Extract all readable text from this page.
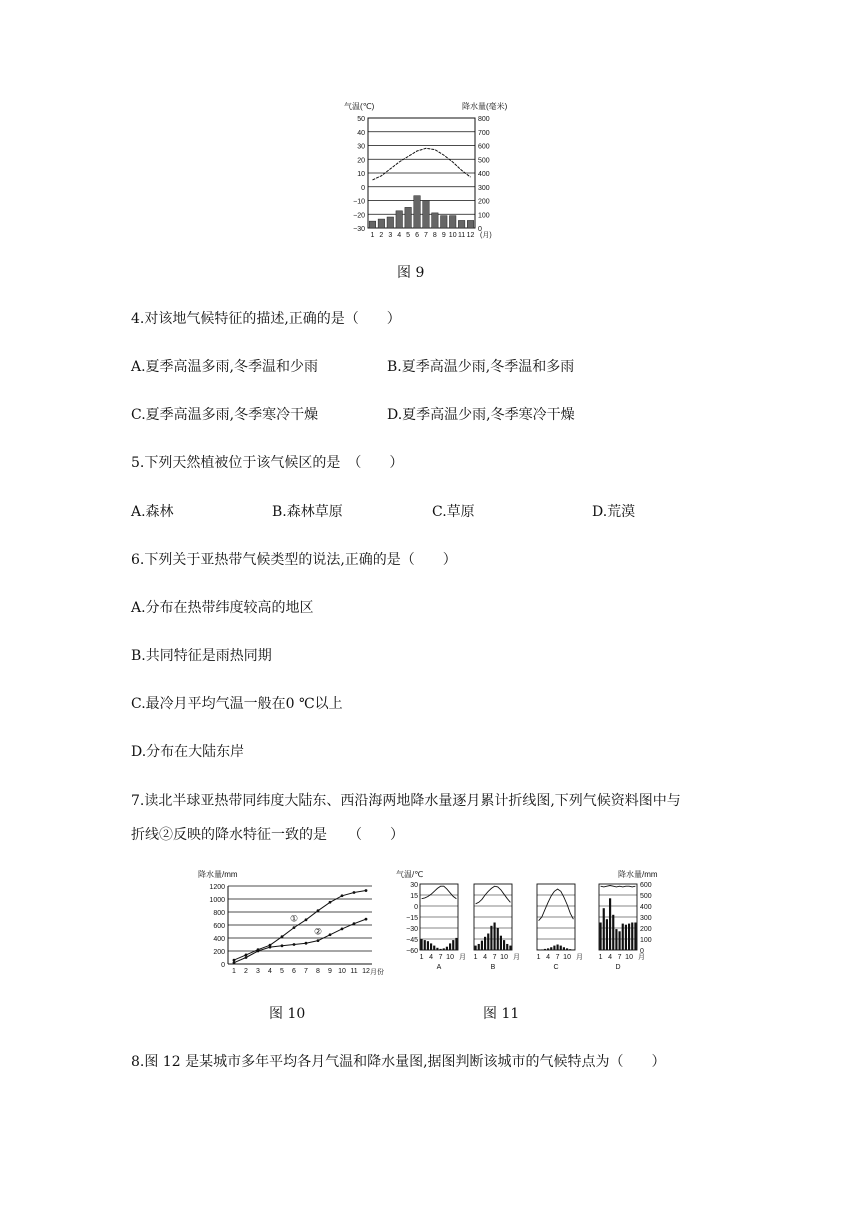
气温(℃)	降水量(毫米)
50
40
30
20
10
0
−10
−20
−30
800
700
600
500
400
300
200
100
0
1 2 3 4 5 6 7 8 9 10 11 12 (月)
图 9
4.对该地气候特征的描述,正确的是（　　）
A.夏季高温多雨,冬季温和少雨	B.夏季高温少雨,冬季温和多雨
C.夏季高温多雨,冬季寒冷干燥	D.夏季高温少雨,冬季寒冷干燥
5.下列天然植被位于该气候区的是　（　　）
A.森林	B.森林草原	C.草原	D.荒漠
6.下列关于亚热带气候类型的说法,正确的是（　　）
A.分布在热带纬度较高的地区
B.共同特征是雨热同期
C.最冷月平均气温一般在0 ℃以上
D.分布在大陆东岸
7.读北半球亚热带同纬度大陆东、西沿海两地降水量逐月累计折线图,下列气候资料图中与
折线②反映的降水特征一致的是　　（　　）
降水量/mm
1200
1000
800
600
400
200
0
①
②
1 2 3 4 5 6 7 8 9 10 11 12 月份
图 10
气温/℃	降水量/mm
30
15
0
−15
−30
−45
−60
600
500
400
300
200
100
0
1 4 7 10 月
A
1 4 7 10 月
B
1 4 7 10 月
C
1 4 7 10 月
D
图 11
8.图 12 是某城市多年平均各月气温和降水量图,据图判断该城市的气候特点为（　　）
